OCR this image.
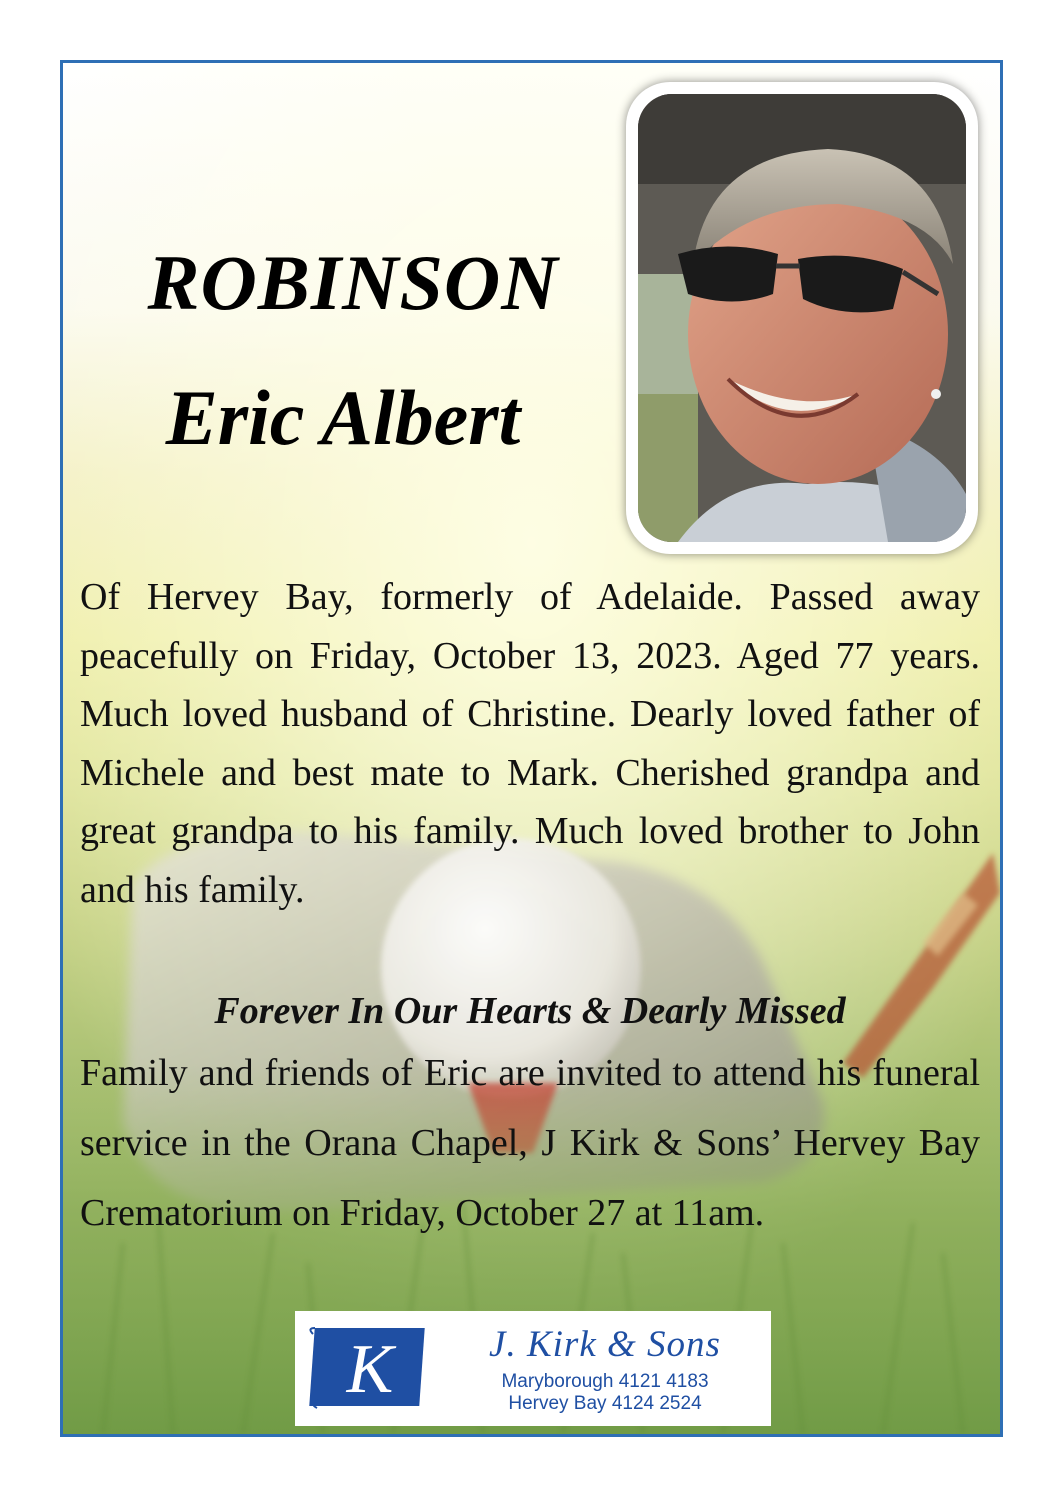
ROBINSON
Eric Albert
Of Hervey Bay, formerly of Adelaide. Passed away peacefully on Friday, October 13, 2023. Aged 77 years. Much loved husband of Christine. Dearly loved father of Michele and best mate to Mark. Cherished grandpa and great grandpa to his family. Much loved brother to John and his family.
Forever In Our Hearts & Dearly Missed
Family and friends of Eric are invited to attend his funeral service in the Orana Chapel, J Kirk & Sons’ Hervey Bay Crematorium on Friday, October 27 at 11am.
K	J. Kirk & Sons
Maryborough 4121 4183
Hervey Bay 4124 2524
